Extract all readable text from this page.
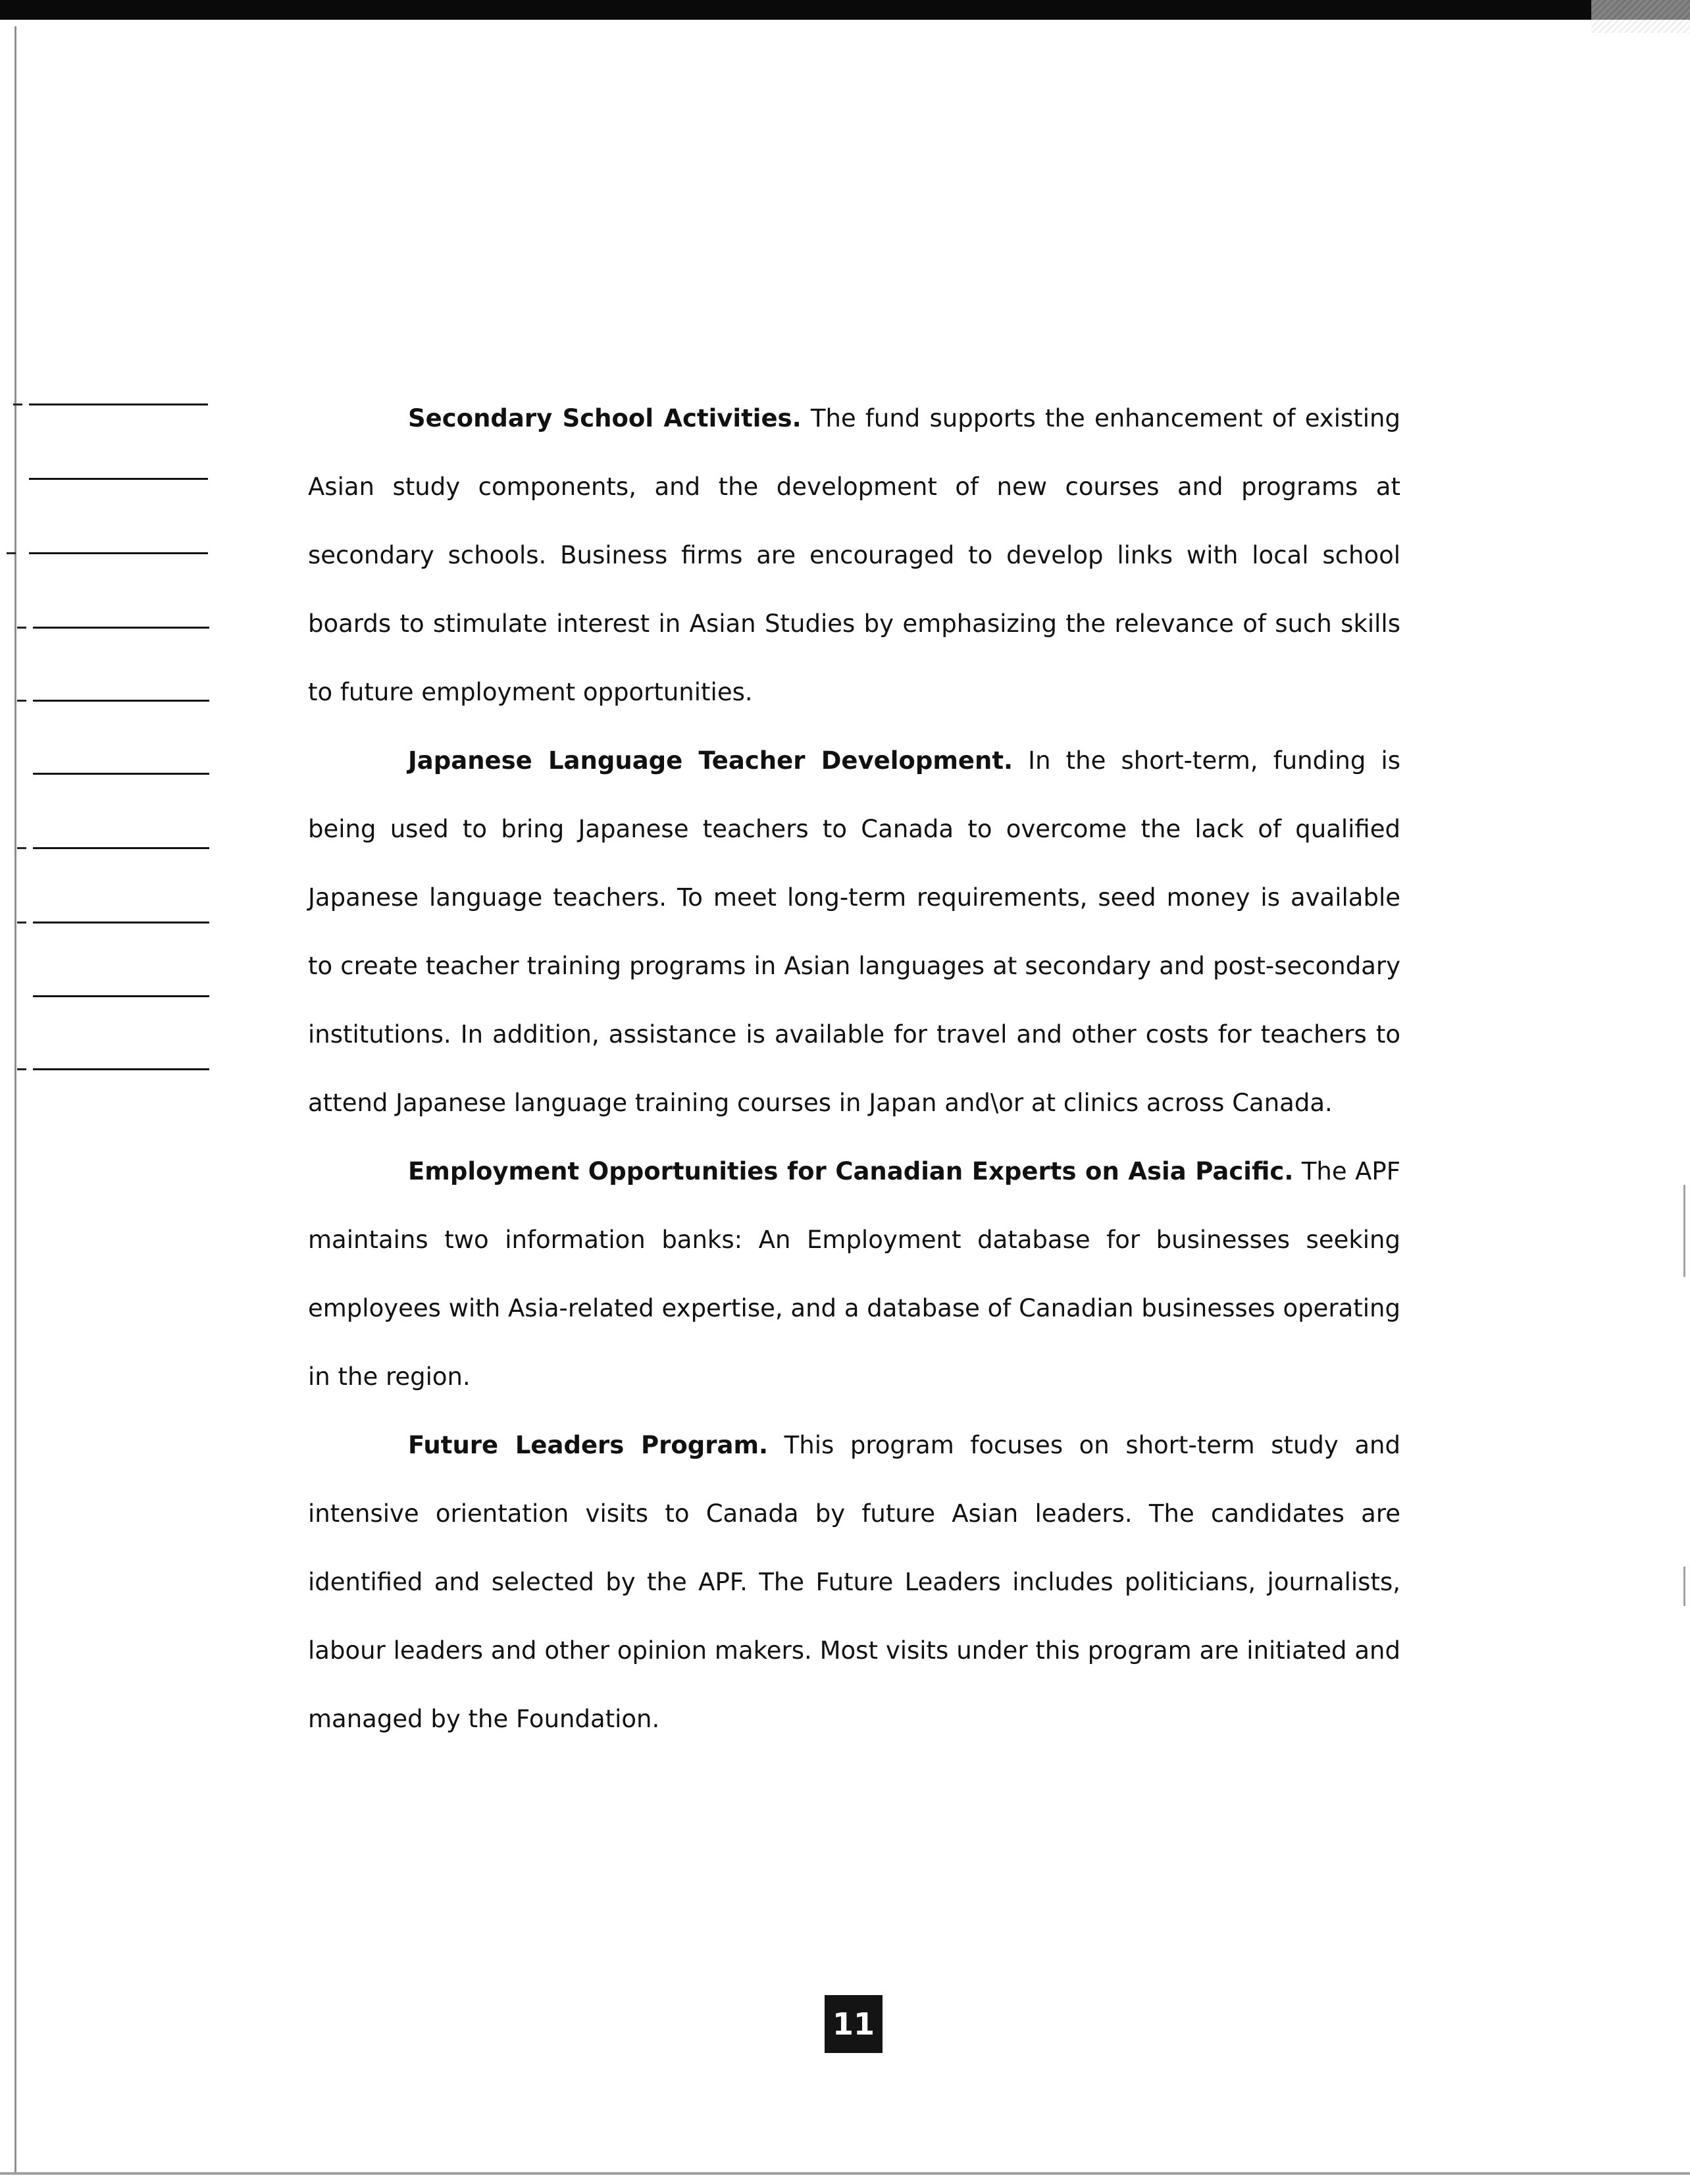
Secondary School Activities. The fund supports the enhancement of existing Asian study components, and the development of new courses and programs at secondary schools. Business firms are encouraged to develop links with local school boards to stimulate interest in Asian Studies by emphasizing the relevance of such skills to future employment opportunities.

Japanese Language Teacher Development. In the short-term, funding is being used to bring Japanese teachers to Canada to overcome the lack of qualified Japanese language teachers. To meet long-term requirements, seed money is available to create teacher training programs in Asian languages at secondary and post-secondary institutions. In addition, assistance is available for travel and other costs for teachers to attend Japanese language training courses in Japan and\or at clinics across Canada.

Employment Opportunities for Canadian Experts on Asia Pacific. The APF maintains two information banks: An Employment database for businesses seeking employees with Asia-related expertise, and a database of Canadian businesses operating in the region.

Future Leaders Program. This program focuses on short-term study and intensive orientation visits to Canada by future Asian leaders. The candidates are identified and selected by the APF. The Future Leaders includes politicians, journalists, labour leaders and other opinion makers. Most visits under this program are initiated and managed by the Foundation.

11
